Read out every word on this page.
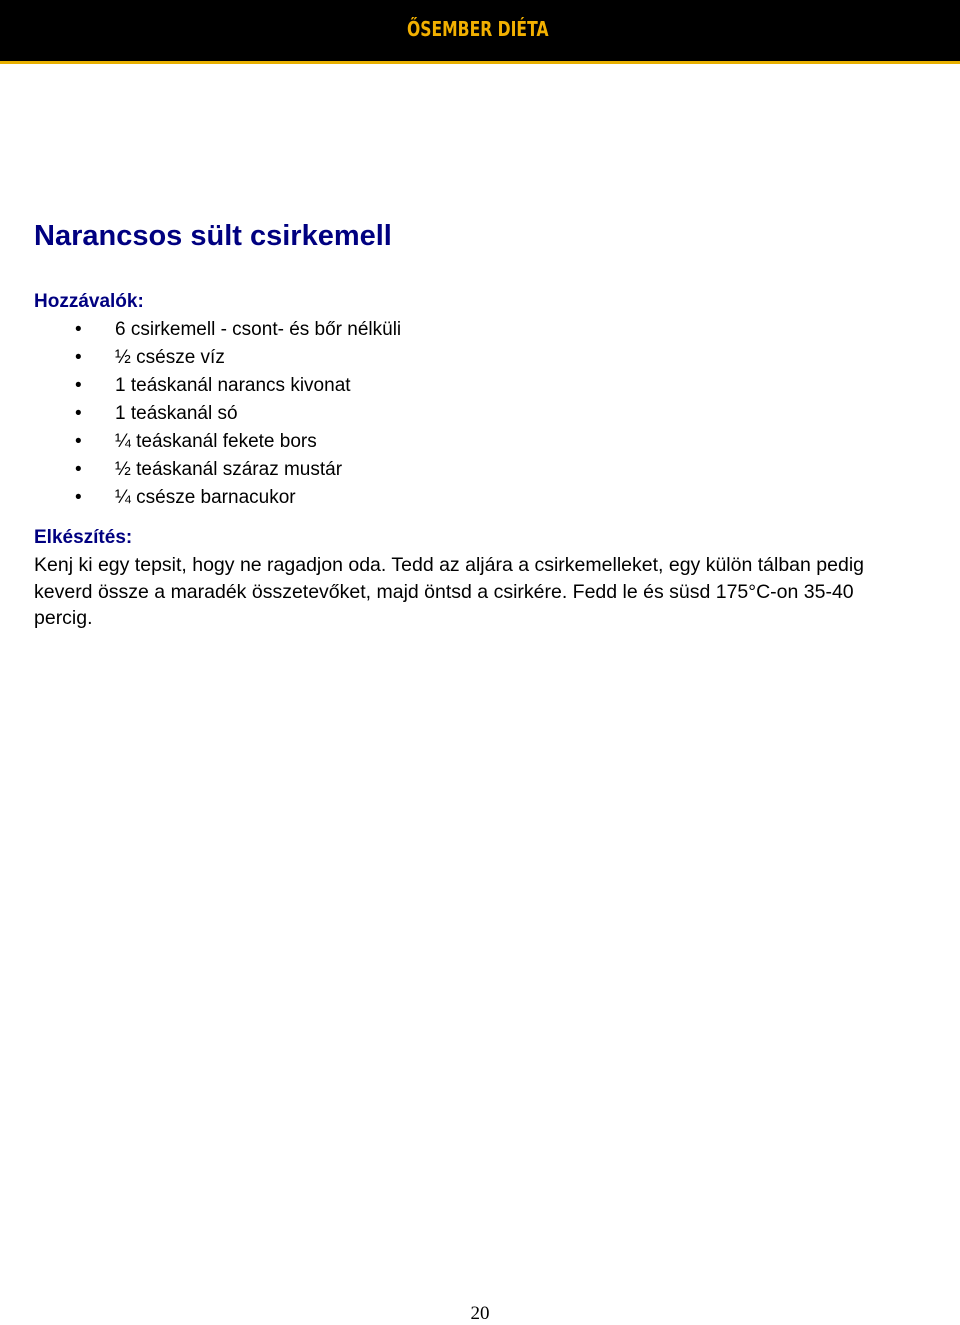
ŐSEMBER DIÉTA
Narancsos sült csirkemell
Hozzávalók:
• 6 csirkemell - csont- és bőr nélküli
• ½ csésze víz
• 1 teáskanál narancs kivonat
• 1 teáskanál só
• ¼ teáskanál fekete bors
• ½ teáskanál száraz mustár
• ¼ csésze barnacukor
Elkészítés:

Kenj ki egy tepsit, hogy ne ragadjon oda. Tedd az aljára a csirkemelleket, egy külön tálban pedig keverd össze a maradék összetevőket, majd öntsd a csirkére. Fedd le és süsd 175°C-on 35-40 percig.

20
